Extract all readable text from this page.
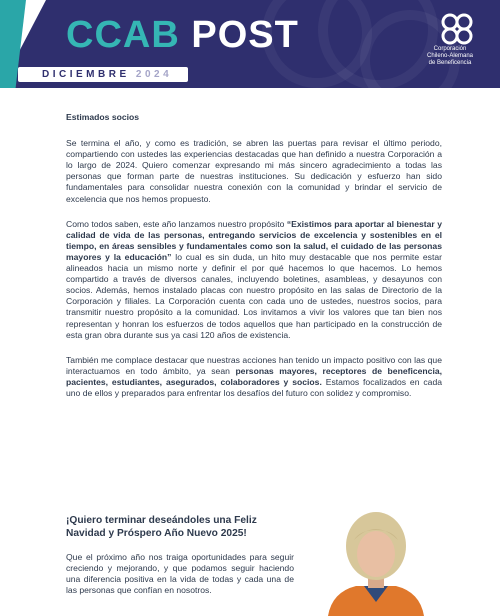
CCAB POST	Corporación
Chileno-Alemana
de Beneficencia
DICIEMBRE 2024
Estimados socios

Se termina el año, y como es tradición, se abren las puertas para revisar el último periodo, compartiendo con ustedes las experiencias destacadas que han definido a nuestra Corporación a lo largo de 2024. Quiero comenzar expresando mi más sincero agradecimiento a todas las personas que forman parte de nuestras instituciones. Su dedicación y esfuerzo han sido fundamentales para consolidar nuestra conexión con la comunidad y brindar el servicio de excelencia que nos hemos propuesto.

Como todos saben, este año lanzamos nuestro propósito “Existimos para aportar al bienestar y calidad de vida de las personas, entregando servicios de excelencia y sostenibles en el tiempo, en áreas sensibles y fundamentales como son la salud, el cuidado de las personas mayores y la educación” lo cual es sin duda, un hito muy destacable que nos permite estar alineados hacia un mismo norte y definir el por qué hacemos lo que hacemos. Lo hemos compartido a través de diversos canales, incluyendo boletines, asambleas, y desayunos con socios. Además, hemos instalado placas con nuestro propósito en las salas de Directorio de la Corporación y filiales. La Corporación cuenta con cada uno de ustedes, nuestros socios, para transmitir nuestro propósito a la comunidad. Los invitamos a vivir los valores que tan bien nos representan y honran los esfuerzos de todos aquellos que han participado en la construcción de esta gran obra durante sus ya casi 120 años de existencia.

También me complace destacar que nuestras acciones han tenido un impacto positivo con las que interactuamos en todo ámbito, ya sean personas mayores, receptores de beneficencia, pacientes, estudiantes, asegurados, colaboradores y socios. Estamos focalizados en cada uno de ellos y preparados para enfrentar los desafíos del futuro con solidez y compromiso.

¡Quiero terminar deseándoles una Feliz Navidad y Próspero Año Nuevo 2025!
Que el próximo año nos traiga oportunidades para seguir creciendo y mejorando, y que podamos seguir haciendo una diferencia positiva en la vida de todas y cada una de las personas que confían en nosotros.
